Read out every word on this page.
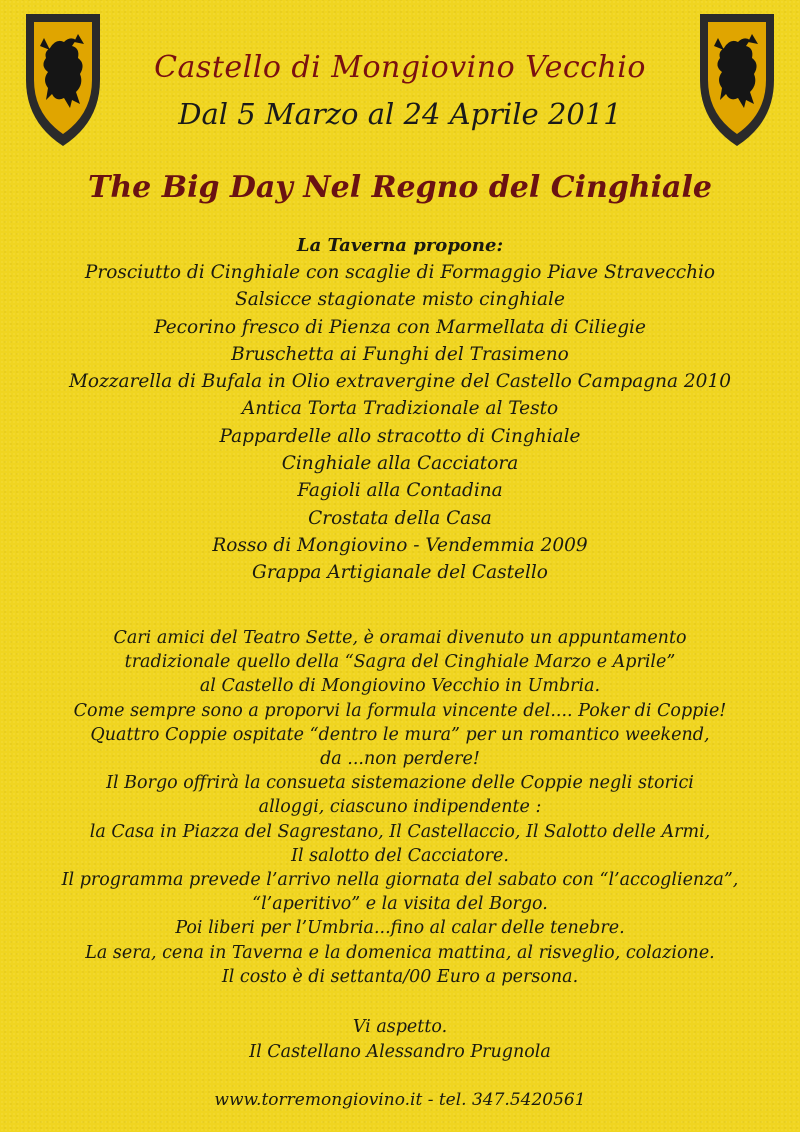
Castello di Mongiovino Vecchio
Dal 5 Marzo al 24 Aprile 2011
The Big Day Nel Regno del Cinghiale
La Taverna propone:
Prosciutto di Cinghiale con scaglie di Formaggio Piave Stravecchio
Salsicce stagionate misto cinghiale
Pecorino fresco di Pienza con Marmellata di Ciliegie
Bruschetta ai Funghi del Trasimeno
Mozzarella di Bufala in Olio extravergine del Castello Campagna 2010
Antica Torta Tradizionale al Testo
Pappardelle allo stracotto di Cinghiale
Cinghiale alla Cacciatora
Fagioli alla Contadina
Crostata della Casa
Rosso di Mongiovino - Vendemmia 2009
Grappa Artigianale del Castello
Cari amici del Teatro Sette, è oramai divenuto un appuntamento
tradizionale quello della “Sagra del Cinghiale Marzo e Aprile”
al Castello di Mongiovino Vecchio in Umbria.
Come sempre sono a proporvi la formula vincente del.... Poker di Coppie!
Quattro Coppie ospitate “dentro le mura” per un romantico weekend,
da ...non perdere!
Il Borgo offrirà la consueta sistemazione delle Coppie negli storici
alloggi, ciascuno indipendente :
la Casa in Piazza del Sagrestano, Il Castellaccio, Il Salotto delle Armi,
Il salotto del Cacciatore.
Il programma prevede l’arrivo nella giornata del sabato con “l’accoglienza”,
“l’aperitivo” e la visita del Borgo.
Poi liberi per l’Umbria...fino al calar delle tenebre.
La sera, cena in Taverna e la domenica mattina, al risveglio, colazione.
Il costo è di settanta/00 Euro a persona.
Vi aspetto.
Il Castellano Alessandro Prugnola
www.torremongiovino.it - tel. 347.5420561
